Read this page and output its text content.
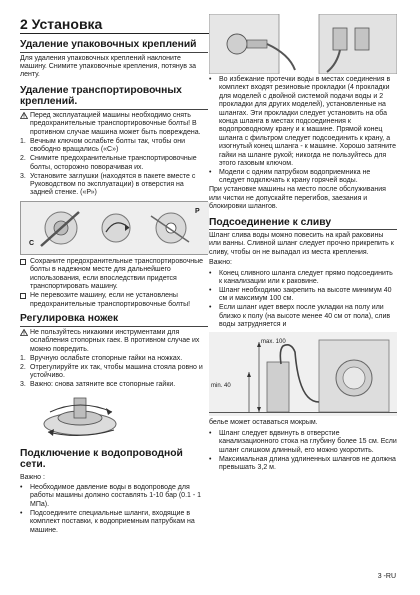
2 Установка
Удаление упаковочных креплений

Для удаления упаковочных креплений наклоните машину. Снимите упаковочные крепления, потянув за ленту.

Удаление транспортировочных креплений.
Перед эксплуатацией машины необходимо снять предохранительные транспортировочные болты! В противном случае машина может быть повреждена.
1. Вечным ключом ослабьте болты так, чтобы они свободно вращались («С»)
2. Снимите предохранительные транспортировочные болты, осторожно поворачивая их.
3. Установите заглушки (находятся в пакете вместе с Руководством по эксплуатации) в отверстия на задней стенке. («Р»)
C
P
Сохраните предохранительные транспортировочные болты в надежном месте для дальнейшего использования, если впоследствии придется транспортировать машину.
Не перевозите машину, если не установлены предохранительные транспортировочные болты!
Регулировка ножек
Не пользуйтесь никакими инструментами для ослабления стопорных гаек. В противном случае их можно повредить.
1. Вручную ослабьте стопорные гайки на ножках.
2. Отрегулируйте их так, чтобы машина стояла ровно и устойчиво.
3. Важно: снова затяните все стопорные гайки.
Подключение к водопроводной сети.

Важно :

•	Необходимое давление воды в водопроводе для работы машины должно составлять 1-10 бар (0.1 - 1 МПа).
•	Подсоедините специальные шланги, входящие в комплект поставки, к водоприемным патрубкам на машине.
•	Во избежание протечки воды в местах соединения в комплект входят резиновые прокладки (4 прокладки для моделей с двойной системой подачи воды и 2 прокладки для других моделей), установленные на шлангах. Эти прокладки следует установить на оба конца шланга в местах подсоединения к водопроводному крану и к машине. Прямой конец шланга с фильтром следует подсоединить к крану, а изогнутый конец шланга - к машине. Хорошо затяните гайки на шланге рукой; никогда не пользуйтесь для этого газовым ключом.
•	Модели с одним патрубком водоприемника не следует подключать к крану горячей воды.

При установке машины на место после обслуживания или чистки не допускайте перегибов, заезания и блокировки шлангов.

Подсоединение к сливу

Шланг слива воды можно повесить на край раковины или ванны. Сливной шланг следует прочно прикрепить к сливу, чтобы он не выпадал из места крепления.

Важно:

•	Конец сливного шланга следует прямо подсоединить к канализации или к раковине.
•	Шланг необходимо закрепить на высоте минимум 40 см и максимум 100 см.
•	Если шланг идет вверх после укладки на полу или близко к полу (на высоте менее 40 см от пола), слив воды затрудняется и
max. 100
min. 40

белье может оставаться мокрым.

•	Шланг следует вдвинуть в отверстие канализационного стока на глубину более 15 см. Если шланг слишком длинный, его можно укоротить.
•	Максимальная длина удлиненных шлангов не должна превышать 3,2 м.
3 -RU
